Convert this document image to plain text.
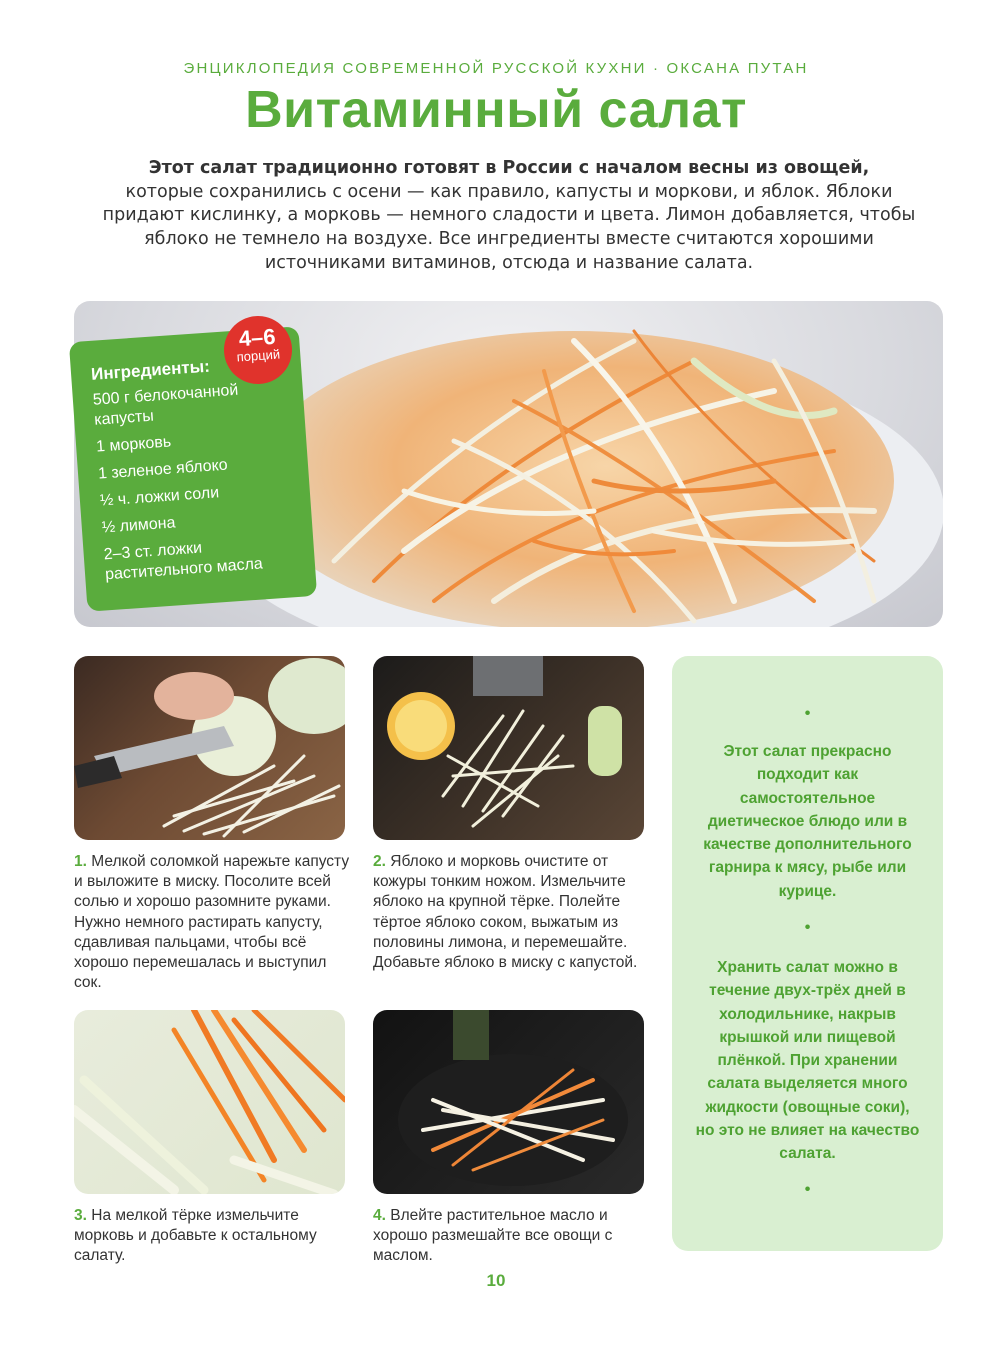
ЭНЦИКЛОПЕДИЯ СОВРЕМЕННОЙ РУССКОЙ КУХНИ · ОКСАНА ПУТАН
Витаминный салат
Этот салат традиционно готовят в России с началом весны из овощей,
которые сохранились с осени — как правило, капусты и моркови, и яблок. Яблоки придают кислинку, а морковь — немного сладости и цвета. Лимон добавляется, чтобы яблоко не темнело на воздухе. Все ингредиенты вместе считаются хорошими источниками витаминов, отсюда и название салата.
Ингредиенты:
500 г белокочанной капусты
1 морковь
1 зеленое яблоко
½ ч. ложки соли
½ лимона
2–3 ст. ложки растительного масла
4–6
порций
1. Мелкой соломкой нарежьте капусту и выложите в миску. Посолите всей солью и хорошо разомните руками. Нужно немного растирать капусту, сдавливая пальцами, чтобы всё хорошо перемешалась и выступил сок.
2. Яблоко и морковь очистите от кожуры тонким ножом. Измельчите яблоко на крупной тёрке. Полейте тёртое яблоко соком, выжатым из половины лимона, и перемешайте. Добавьте яблоко в миску с капустой.
3. На мелкой тёрке измельчите морковь и добавьте к остальному салату.
4. Влейте растительное масло и хорошо размешайте все овощи с маслом.
•
Этот салат прекрасно подходит как самостоятельное диетическое блюдо или в качестве дополнительного гарнира к мясу, рыбе или курице.
•
Хранить салат можно в течение двух-трёх дней в холодильнике, накрыв крышкой или пищевой плёнкой. При хранении салата выделяется много жидкости (овощные соки), но это не влияет на качество салата.
•
10
